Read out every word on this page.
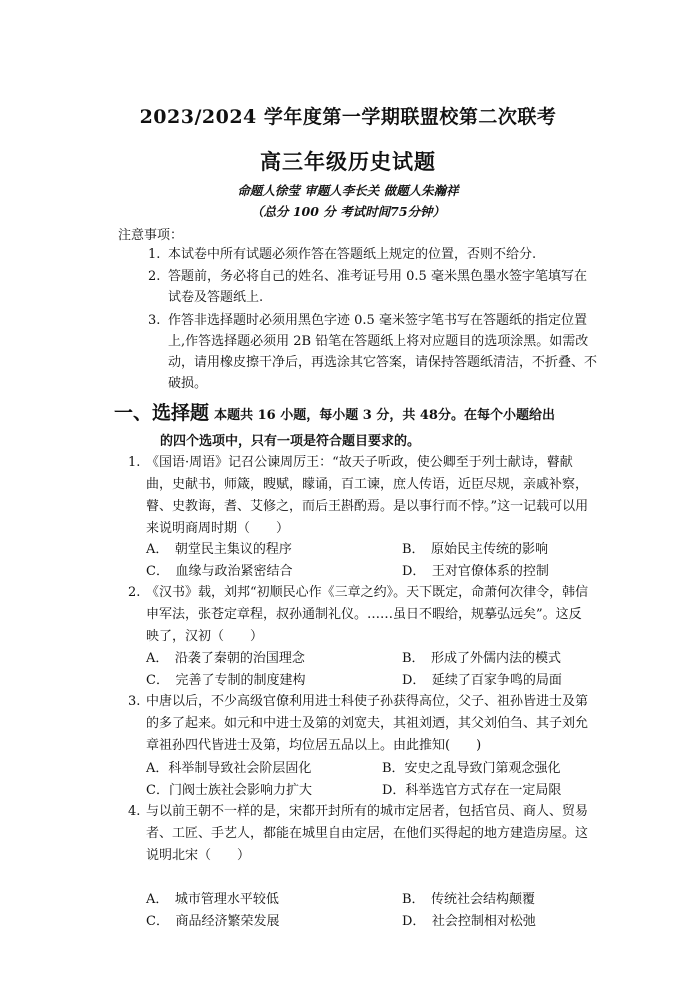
2023/2024 学年度第一学期联盟校第二次联考
高三年级历史试题
命题人徐莹 审题人李长关 做题人朱瀚祥
（总分 100 分 考试时间75分钟）
注意事项：
1. 本试卷中所有试题必须作答在答题纸上规定的位置，否则不给分.
2. 答题前，务必将自己的姓名、准考证号用 0.5 毫米黑色墨水签字笔填写在试卷及答题纸上.
3. 作答非选择题时必须用黑色字迹 0.5 毫米签字笔书写在答题纸的指定位置上,作答选择题必须用 2B 铅笔在答题纸上将对应题目的选项涂黑。如需改动，请用橡皮擦干净后，再选涂其它答案，请保持答题纸清洁，不折叠、不破损。
一、选择题 本题共 16 小题，每小题 3 分，共 48分。在每个小题给出
的四个选项中，只有一项是符合题目要求的。
1. 《国语·周语》记召公谏周厉王：“故天子听政，使公卿至于列士献诗，瞽献曲，史献书，师箴，瞍赋，矇诵，百工谏，庶人传语，近臣尽规，亲戚补察，瞽、史教诲，耆、艾修之，而后王斟酌焉。是以事行而不悖。”这一记载可以用来说明商周时期（　　）
A．　朝堂民主集议的程序	B．　原始民主传统的影响
C．　血缘与政治紧密结合	D．　王对官僚体系的控制
2. 《汉书》载，刘邦“初顺民心作《三章之约》。天下既定，命萧何次律令，韩信申军法，张苍定章程，叔孙通制礼仪。……虽日不暇给，规摹弘远矣”。这反映了，汉初（　　）
A．　沿袭了秦朝的治国理念	B．　形成了外儒内法的模式
C．　完善了专制的制度建构	D．　延续了百家争鸣的局面
3. 中唐以后，不少高级官僚利用进士科使子孙获得高位，父子、祖孙皆进士及第的多了起来。如元和中进士及第的刘宽夫，其祖刘迺，其父刘伯刍、其子刘允章祖孙四代皆进士及第，均位居五品以上。由此推知(　　)
A．科举制导致社会阶层固化	B．安史之乱导致门第观念强化
C．门阀士族社会影响力扩大	D．科举选官方式存在一定局限
4. 与以前王朝不一样的是，宋都开封所有的城市定居者，包括官员、商人、贸易者、工匠、手艺人，都能在城里自由定居，在他们买得起的地方建造房屋。这说明北宋（　　）
A．　城市管理水平较低	B．　传统社会结构颠覆
C．　商品经济繁荣发展	D．　社会控制相对松弛
